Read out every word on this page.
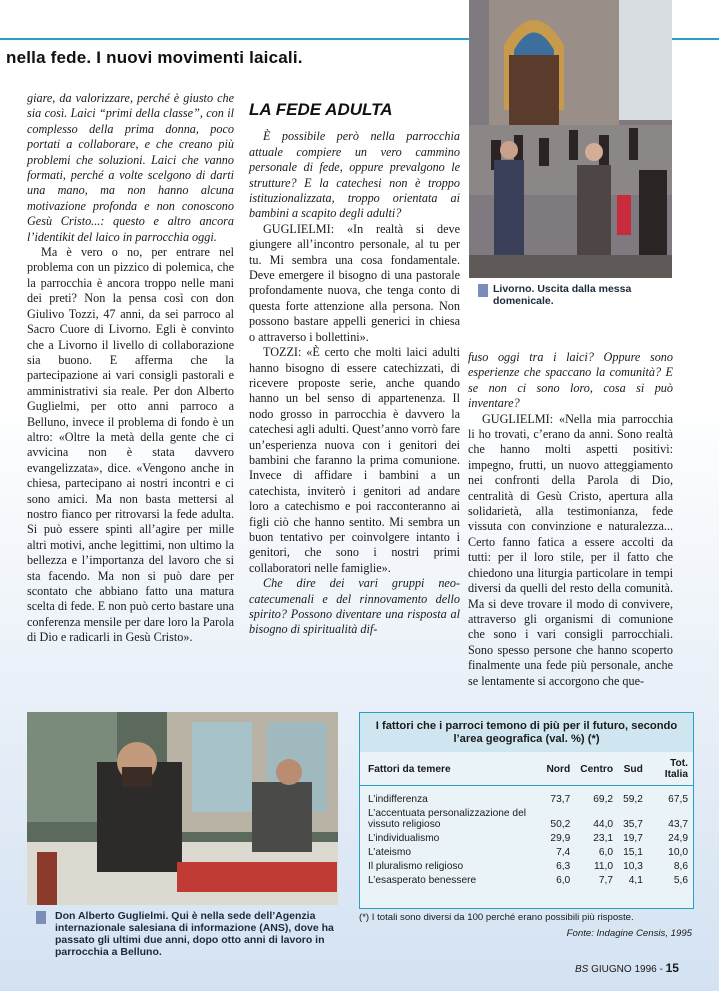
nella fede. I nuovi movimenti laicali.

giare, da valorizzare, perché è giusto che sia così. Laici “primi della classe”, con il complesso della prima donna, poco portati a collaborare, e che creano più problemi che soluzioni. Laici che vanno formati, perché a volte scelgono di darti una mano, ma non hanno alcuna motivazione profonda e non conoscono Gesù Cristo...: questo e altro ancora l’identikit del laico in parrocchia oggi.

Ma è vero o no, per entrare nel problema con un pizzico di polemica, che la parrocchia è ancora troppo nelle mani dei preti? Non la pensa così con don Giulivo Tozzi, 47 anni, da sei parroco al Sacro Cuore di Livorno. Egli è convinto che a Livorno il livello di collaborazione sia buono. E afferma che la partecipazione ai vari consigli pastorali e amministrativi sia reale. Per don Alberto Guglielmi, per otto anni parroco a Belluno, invece il problema di fondo è un altro: «Oltre la metà della gente che ci avvicina non è stata davvero evangelizzata», dice. «Vengono anche in chiesa, partecipano ai nostri incontri e ci sono amici. Ma non basta mettersi al nostro fianco per ritrovarsi la fede adulta. Si può essere spinti all’agire per mille altri motivi, anche legittimi, non ultimo la bellezza e l’importanza del lavoro che si sta facendo. Ma non si può dare per scontato che abbiano fatto una matura scelta di fede. E non può certo bastare una conferenza mensile per dare loro la Parola di Dio e radicarli in Gesù Cristo».

LA FEDE ADULTA

È possibile però nella parrocchia attuale compiere un vero cammino personale di fede, oppure prevalgono le strutture? E la catechesi non è troppo istituzionalizzata, troppo orientata ai bambini a scapito degli adulti?

GUGLIELMI: «In realtà si deve giungere all’incontro personale, al tu per tu. Mi sembra una cosa fondamentale. Deve emergere il bisogno di una pastorale profondamente nuova, che tenga conto di questa forte attenzione alla persona. Non possono bastare appelli generici in chiesa o attraverso i bollettini».

TOZZI: «È certo che molti laici adulti hanno bisogno di essere catechizzati, di ricevere proposte serie, anche quando hanno un bel senso di appartenenza. Il nodo grosso in parrocchia è davvero la catechesi agli adulti. Quest’anno vorrò fare un’esperienza nuova con i genitori dei bambini che faranno la prima comunione. Invece di affidare i bambini a un catechista, inviterò i genitori ad andare loro a catechismo e poi racconteranno ai figli ciò che hanno sentito. Mi sembra un buon tentativo per coinvolgere intanto i genitori, che sono i nostri primi collaboratori nelle famiglie».

Che dire dei vari gruppi neo-catecumenali e del rinnovamento dello spirito? Possono diventare una risposta al bisogno di spiritualità dif-

fuso oggi tra i laici? Oppure sono esperienze che spaccano la comunità? E se non ci sono loro, cosa si può inventare?

GUGLIELMI: «Nella mia parrocchia li ho trovati, c’erano da anni. Sono realtà che hanno molti aspetti positivi: impegno, frutti, un nuovo atteggiamento nei confronti della Parola di Dio, centralità di Gesù Cristo, apertura alla solidarietà, alla testimonianza, fede vissuta con convinzione e naturalezza... Certo fanno fatica a essere accolti da tutti: per il loro stile, per il fatto che chiedono una liturgia particolare in tempi diversi da quelli del resto della comunità. Ma si deve trovare il modo di convivere, attraverso gli organismi di comunione che sono i vari consigli parrocchiali. Sono spesso persone che hanno scoperto finalmente una fede più personale, anche se lentamente si accorgono che que-

Livorno. Uscita dalla messa domenicale.
Don Alberto Guglielmi. Qui è nella sede dell’Agenzia internazionale salesiana di informazione (ANS), dove ha passato gli ultimi due anni, dopo otto anni di lavoro in parrocchia a Belluno.
I fattori che i parroci temono di più per il futuro, secondo l’area geografica (val. %) (*)
Fattori da temere	Nord	Centro	Sud	Tot. Italia
L’indifferenza	73,7	69,2	59,2	67,5
L’accentuata personalizzazione del vissuto religioso	50,2	44,0	35,7	43,7
L’individualismo	29,9	23,1	19,7	24,9
L’ateismo	7,4	6,0	15,1	10,0
Il pluralismo religioso	6,3	11,0	10,3	8,6
L’esasperato benessere	6,0	7,7	4,1	5,6
(*) I totali sono diversi da 100 perché erano possibili più risposte.
Fonte: Indagine Censis, 1995
BS GIUGNO 1996 - 15
